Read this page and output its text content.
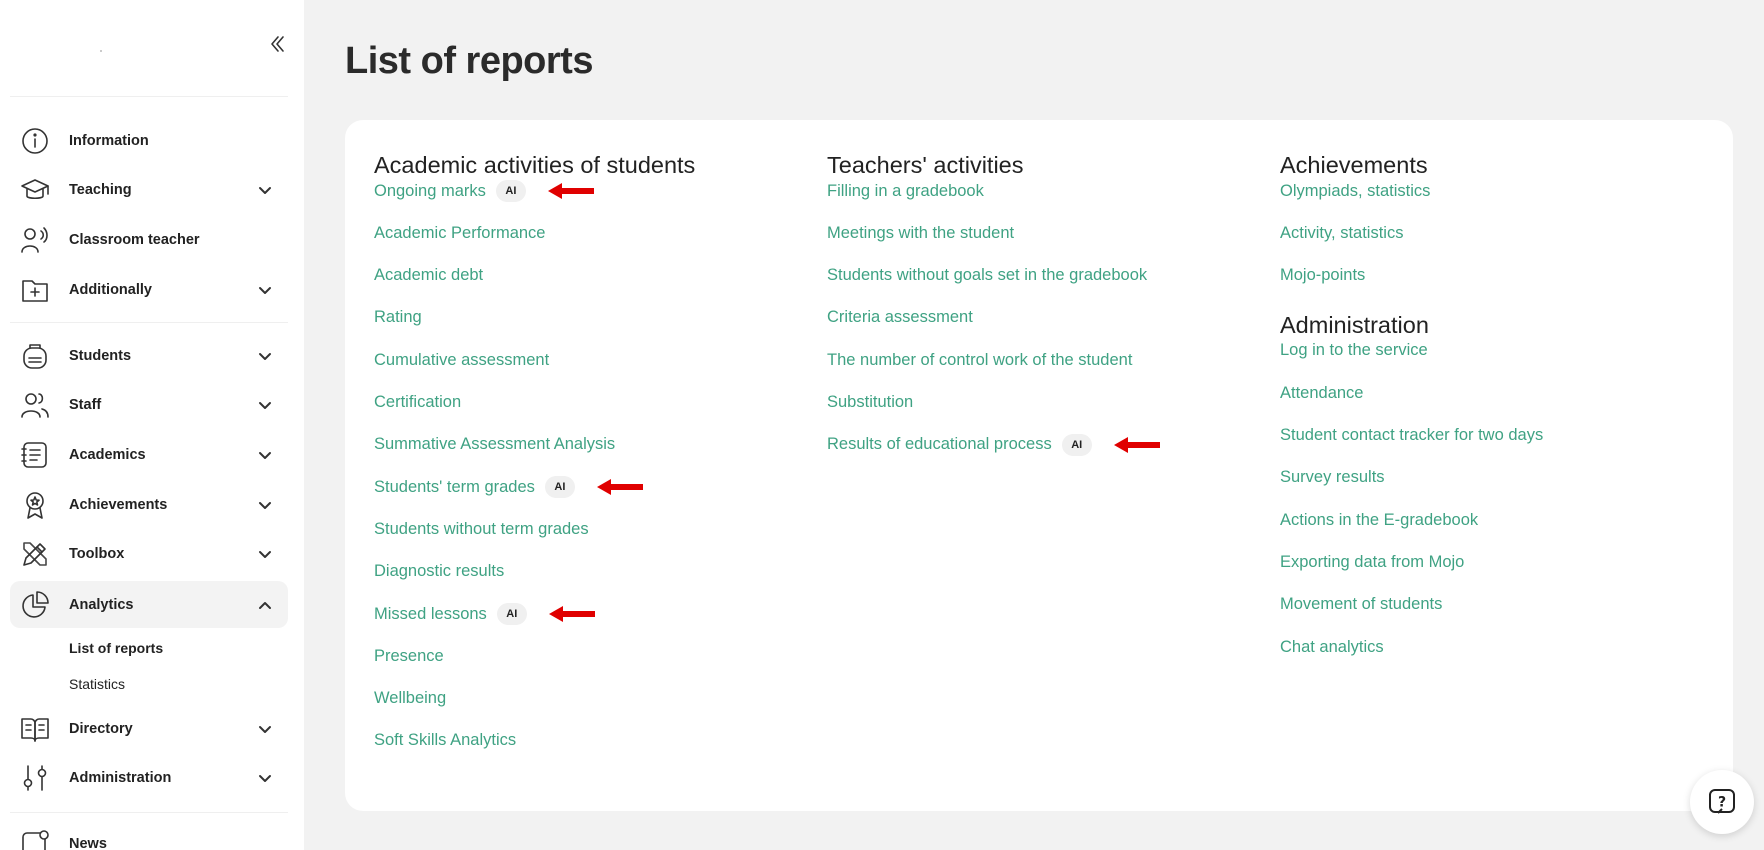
Information
Teaching
Classroom teacher
Additionally
Students
Staff
Academics
Achievements
Toolbox
Analytics
Directory
Administration
News
List of reports
Statistics
List of reports
Academic activities of students
Ongoing marks	AI
Academic Performance
Academic debt
Rating
Cumulative assessment
Certification
Summative Assessment Analysis
Students' term grades	AI
Students without term grades
Diagnostic results
Missed lessons	AI
Presence
Wellbeing
Soft Skills Analytics
Teachers' activities
Filling in a gradebook
Meetings with the student
Students without goals set in the gradebook
Criteria assessment
The number of control work of the student
Substitution
Results of educational process	AI
Achievements
Olympiads, statistics
Activity, statistics
Mojo-points
Administration
Log in to the service
Attendance
Student contact tracker for two days
Survey results
Actions in the E-gradebook
Exporting data from Mojo
Movement of students
Chat analytics
?
